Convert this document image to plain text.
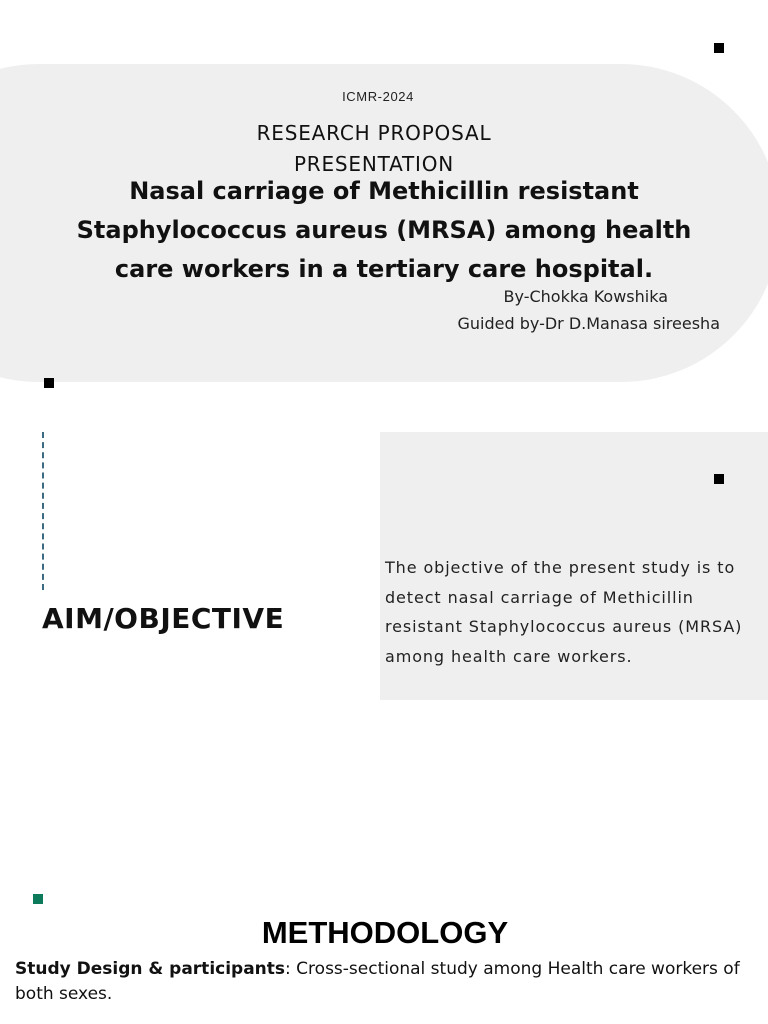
ICMR-2024
RESEARCH PROPOSAL PRESENTATION
Nasal carriage of Methicillin resistant Staphylococcus aureus (MRSA) among health care workers in a tertiary care hospital.
By-Chokka Kowshika
Guided by-Dr D.Manasa sireesha
AIM/OBJECTIVE

The objective of the present study is to detect nasal carriage of Methicillin resistant Staphylococcus aureus (MRSA) among health care workers.

METHODOLOGY

Study Design & participants: Cross-sectional study among Health care workers of both sexes.
